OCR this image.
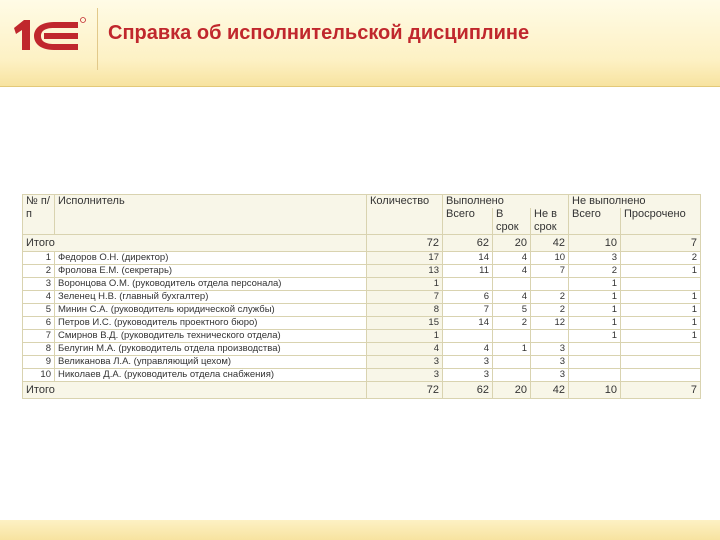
Справка об исполнительской дисциплине
№ п/п	Исполнитель	Количество	Выполнено			Не выполнено	
			Всего	В срок	Не в срок	Всего	Просрочено
Итого		72	62	20	42	10	7
1	Федоров О.Н. (директор)	17	14	4	10	3	2
2	Фролова Е.М. (секретарь)	13	11	4	7	2	1
3	Воронцова О.М. (руководитель отдела персонала)	1				1	
4	Зеленец Н.В. (главный бухгалтер)	7	6	4	2	1	1
5	Минин С.А. (руководитель юридической службы)	8	7	5	2	1	1
6	Петров И.С. (руководитель проектного бюро)	15	14	2	12	1	1
7	Смирнов В.Д. (руководитель технического отдела)	1				1	1
8	Белугин М.А. (руководитель отдела производства)	4	4	1	3		
9	Великанова Л.А. (управляющий цехом)	3	3		3		
10	Николаев Д.А. (руководитель отдела снабжения)	3	3		3		
Итого		72	62	20	42	10	7
